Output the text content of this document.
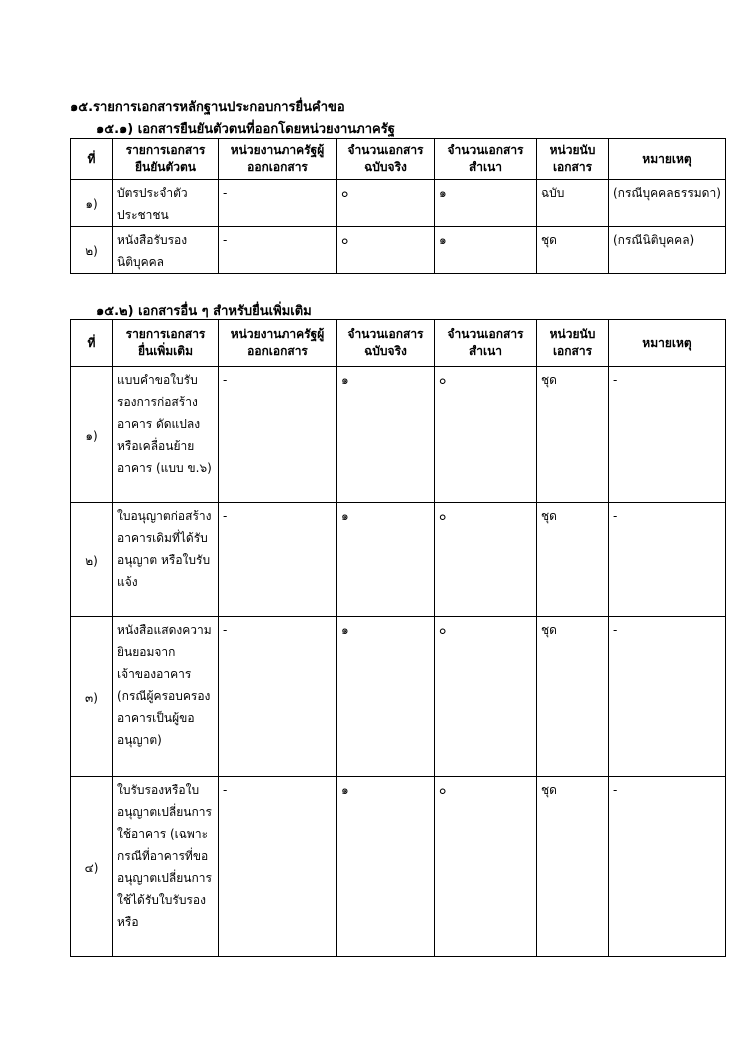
๑๕.รายการเอกสารหลักฐานประกอบการยื่นคำขอ

๑๕.๑) เอกสารยืนยันตัวตนที่ออกโดยหน่วยงานภาครัฐ

ที่	รายการเอกสาร ยืนยันตัวตน	หน่วยงานภาครัฐผู้ ออกเอกสาร	จำนวนเอกสาร ฉบับจริง	จำนวนเอกสาร สำเนา	หน่วยนับ เอกสาร	หมายเหตุ
๑)	บัตรประจำตัวประชาชน	-	๐	๑	ฉบับ	(กรณีบุคคลธรรมดา)
๒)	หนังสือรับรองนิติบุคคล	-	๐	๑	ชุด	(กรณีนิติบุคคล)

๑๕.๒) เอกสารอื่น ๆ สำหรับยื่นเพิ่มเติม

ที่	รายการเอกสาร ยื่นเพิ่มเติม	หน่วยงานภาครัฐผู้ ออกเอกสาร	จำนวนเอกสาร ฉบับจริง	จำนวนเอกสาร สำเนา	หน่วยนับ เอกสาร	หมายเหตุ
๑)	แบบคำขอใบรับรองการก่อสร้างอาคาร ดัดแปลง หรือเคลื่อนย้ายอาคาร (แบบ ข.๖)	-	๑	๐	ชุด	-
๒)	ใบอนุญาตก่อสร้างอาคารเดิมที่ได้รับอนุญาต หรือใบรับแจ้ง	-	๑	๐	ชุด	-
๓)	หนังสือแสดงความยินยอมจากเจ้าของอาคาร (กรณีผู้ครอบครองอาคารเป็นผู้ขออนุญาต)	-	๑	๐	ชุด	-
๔)	ใบรับรองหรือใบอนุญาตเปลี่ยนการใช้อาคาร (เฉพาะกรณีที่อาคารที่ขออนุญาตเปลี่ยนการใช้ได้รับใบรับรองหรือ	-	๑	๐	ชุด	-
